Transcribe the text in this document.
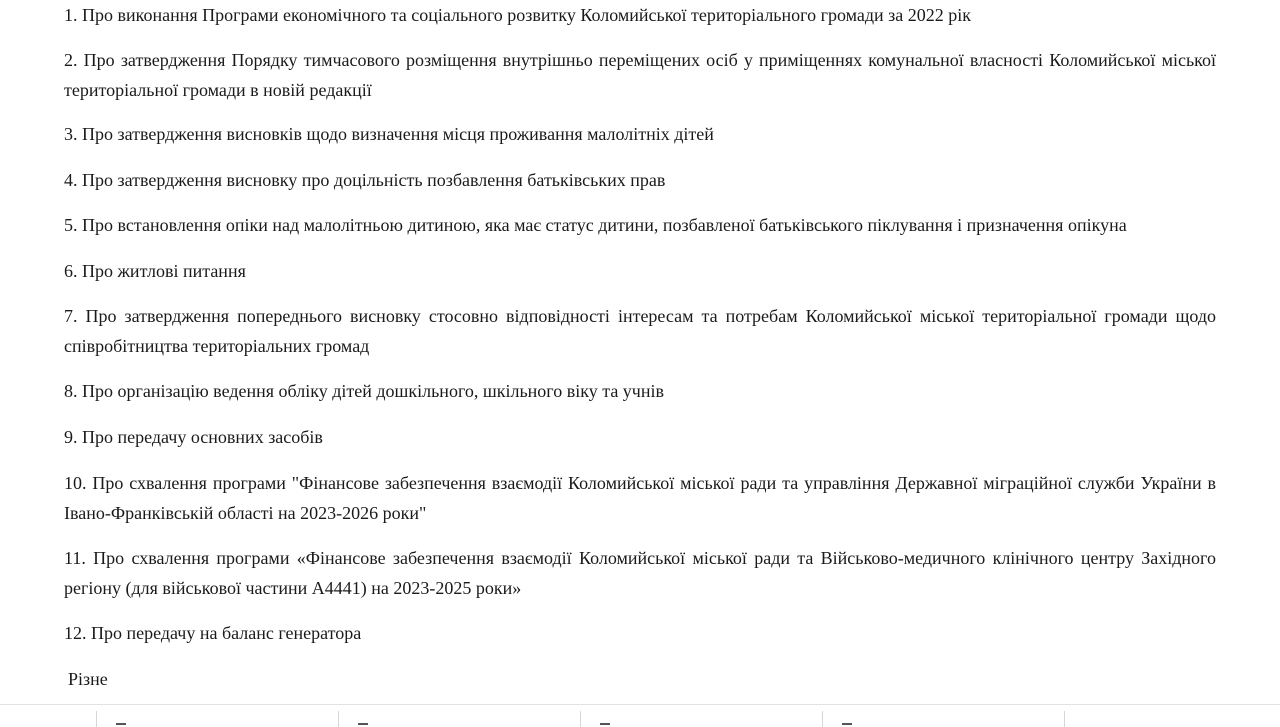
1. Про виконання Програми економічного та соціального розвитку Коломийської територіального громади за 2022 рік

2. Про затвердження Порядку тимчасового розміщення внутрішньо переміщених осіб у приміщеннях комунальної власності Коломийської міської територіальної громади в новій редакції

3. Про затвердження висновків щодо визначення місця проживання малолітніх дітей

4. Про затвердження висновку про доцільність позбавлення батьківських прав

5. Про встановлення опіки над малолітньою дитиною, яка має статус дитини, позбавленої батьківського піклування і призначення опікуна

6. Про житлові питання

7. Про затвердження попереднього висновку стосовно відповідності інтересам та потребам Коломийської міської територіальної громади щодо співробітництва територіальних громад

8. Про організацію ведення обліку дітей дошкільного, шкільного віку та учнів

9. Про передачу основних засобів

10. Про схвалення програми "Фінансове забезпечення взаємодії Коломийської міської ради та управління Державної міграційної служби України в Івано-Франківській області на 2023-2026 роки"

11. Про схвалення програми «Фінансове забезпечення взаємодії Коломийської міської ради та Військово-медичного клінічного центру Західного регіону (для військової частини А4441) на 2023-2025 роки»

12. Про передачу на баланс генератора

Різне
